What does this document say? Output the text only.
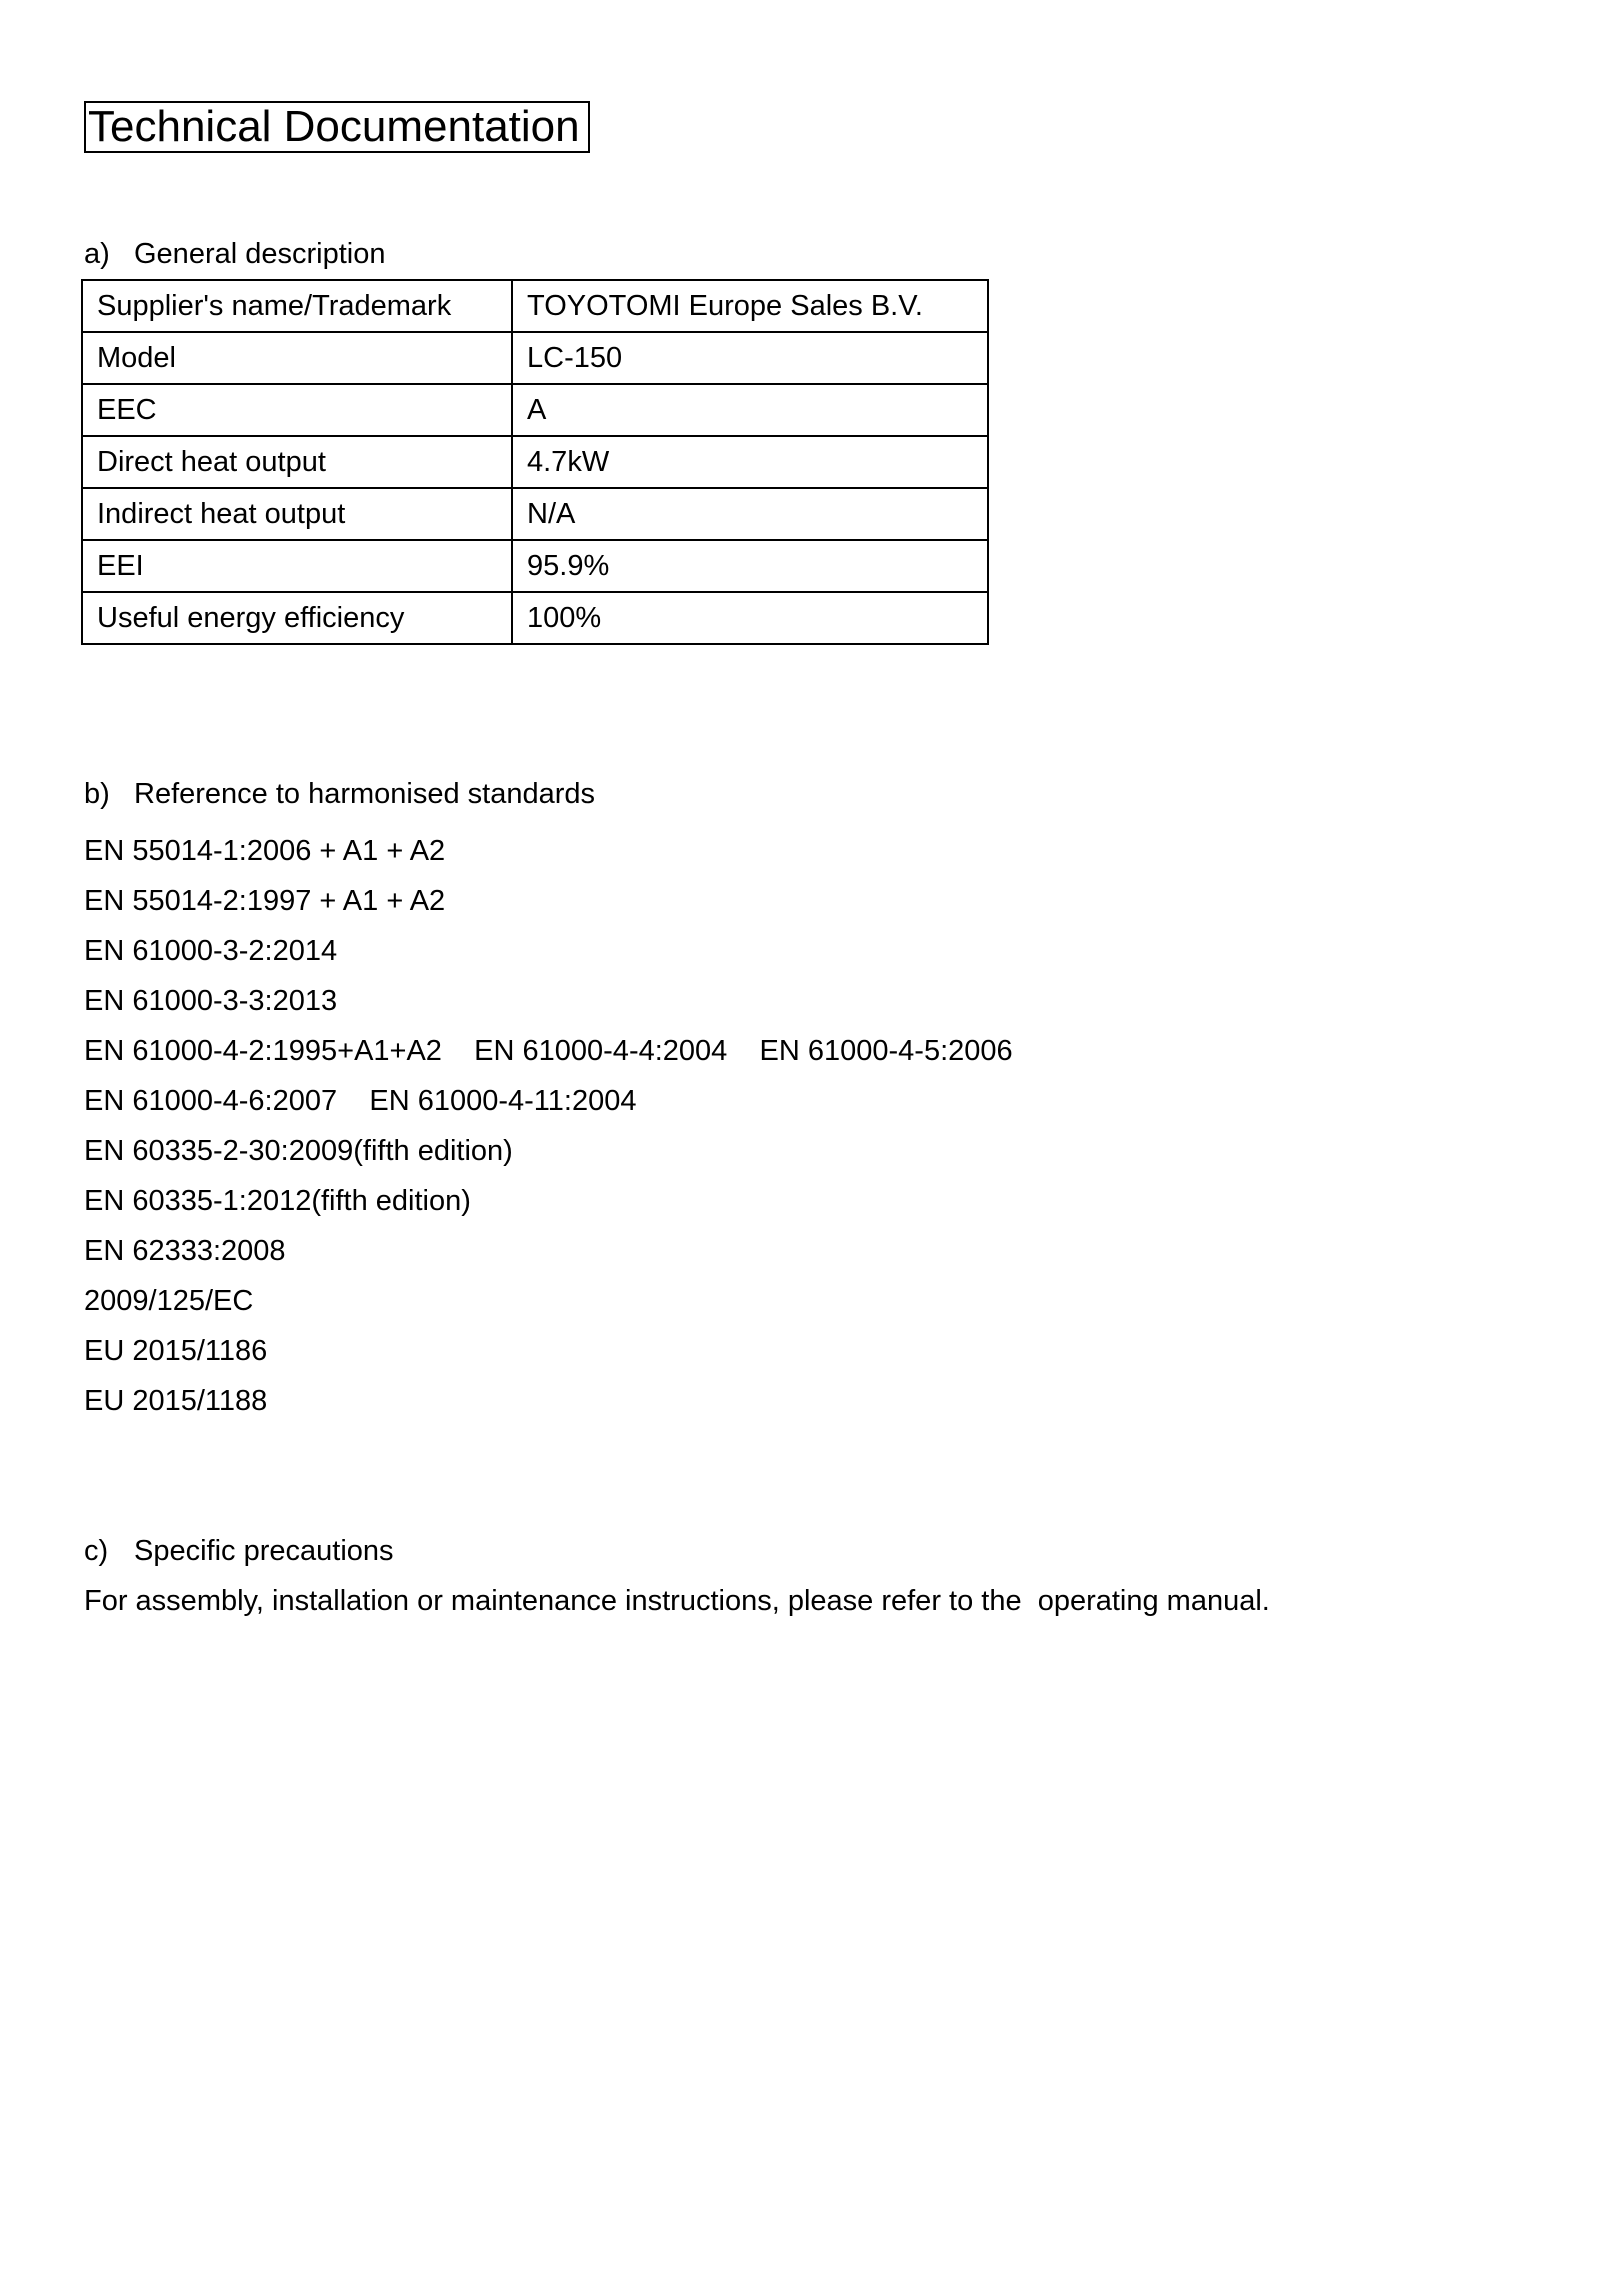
Technical Documentation
a) General description
Supplier's name/Trademark	TOYOTOMI Europe Sales B.V.
Model	LC-150
EEC	A
Direct heat output	4.7kW
Indirect heat output	N/A
EEI	95.9%
Useful energy efficiency	100%
b) Reference to harmonised standards
EN 55014-1:2006 + A1 + A2
EN 55014-2:1997 + A1 + A2
EN 61000-3-2:2014
EN 61000-3-3:2013
EN 61000-4-2:1995+A1+A2    EN 61000-4-4:2004    EN 61000-4-5:2006
EN 61000-4-6:2007    EN 61000-4-11:2004
EN 60335-2-30:2009(fifth edition)
EN 60335-1:2012(fifth edition)
EN 62333:2008
2009/125/EC
EU 2015/1186
EU 2015/1188
c) Specific precautions
For assembly, installation or maintenance instructions, please refer to the  operating manual.
